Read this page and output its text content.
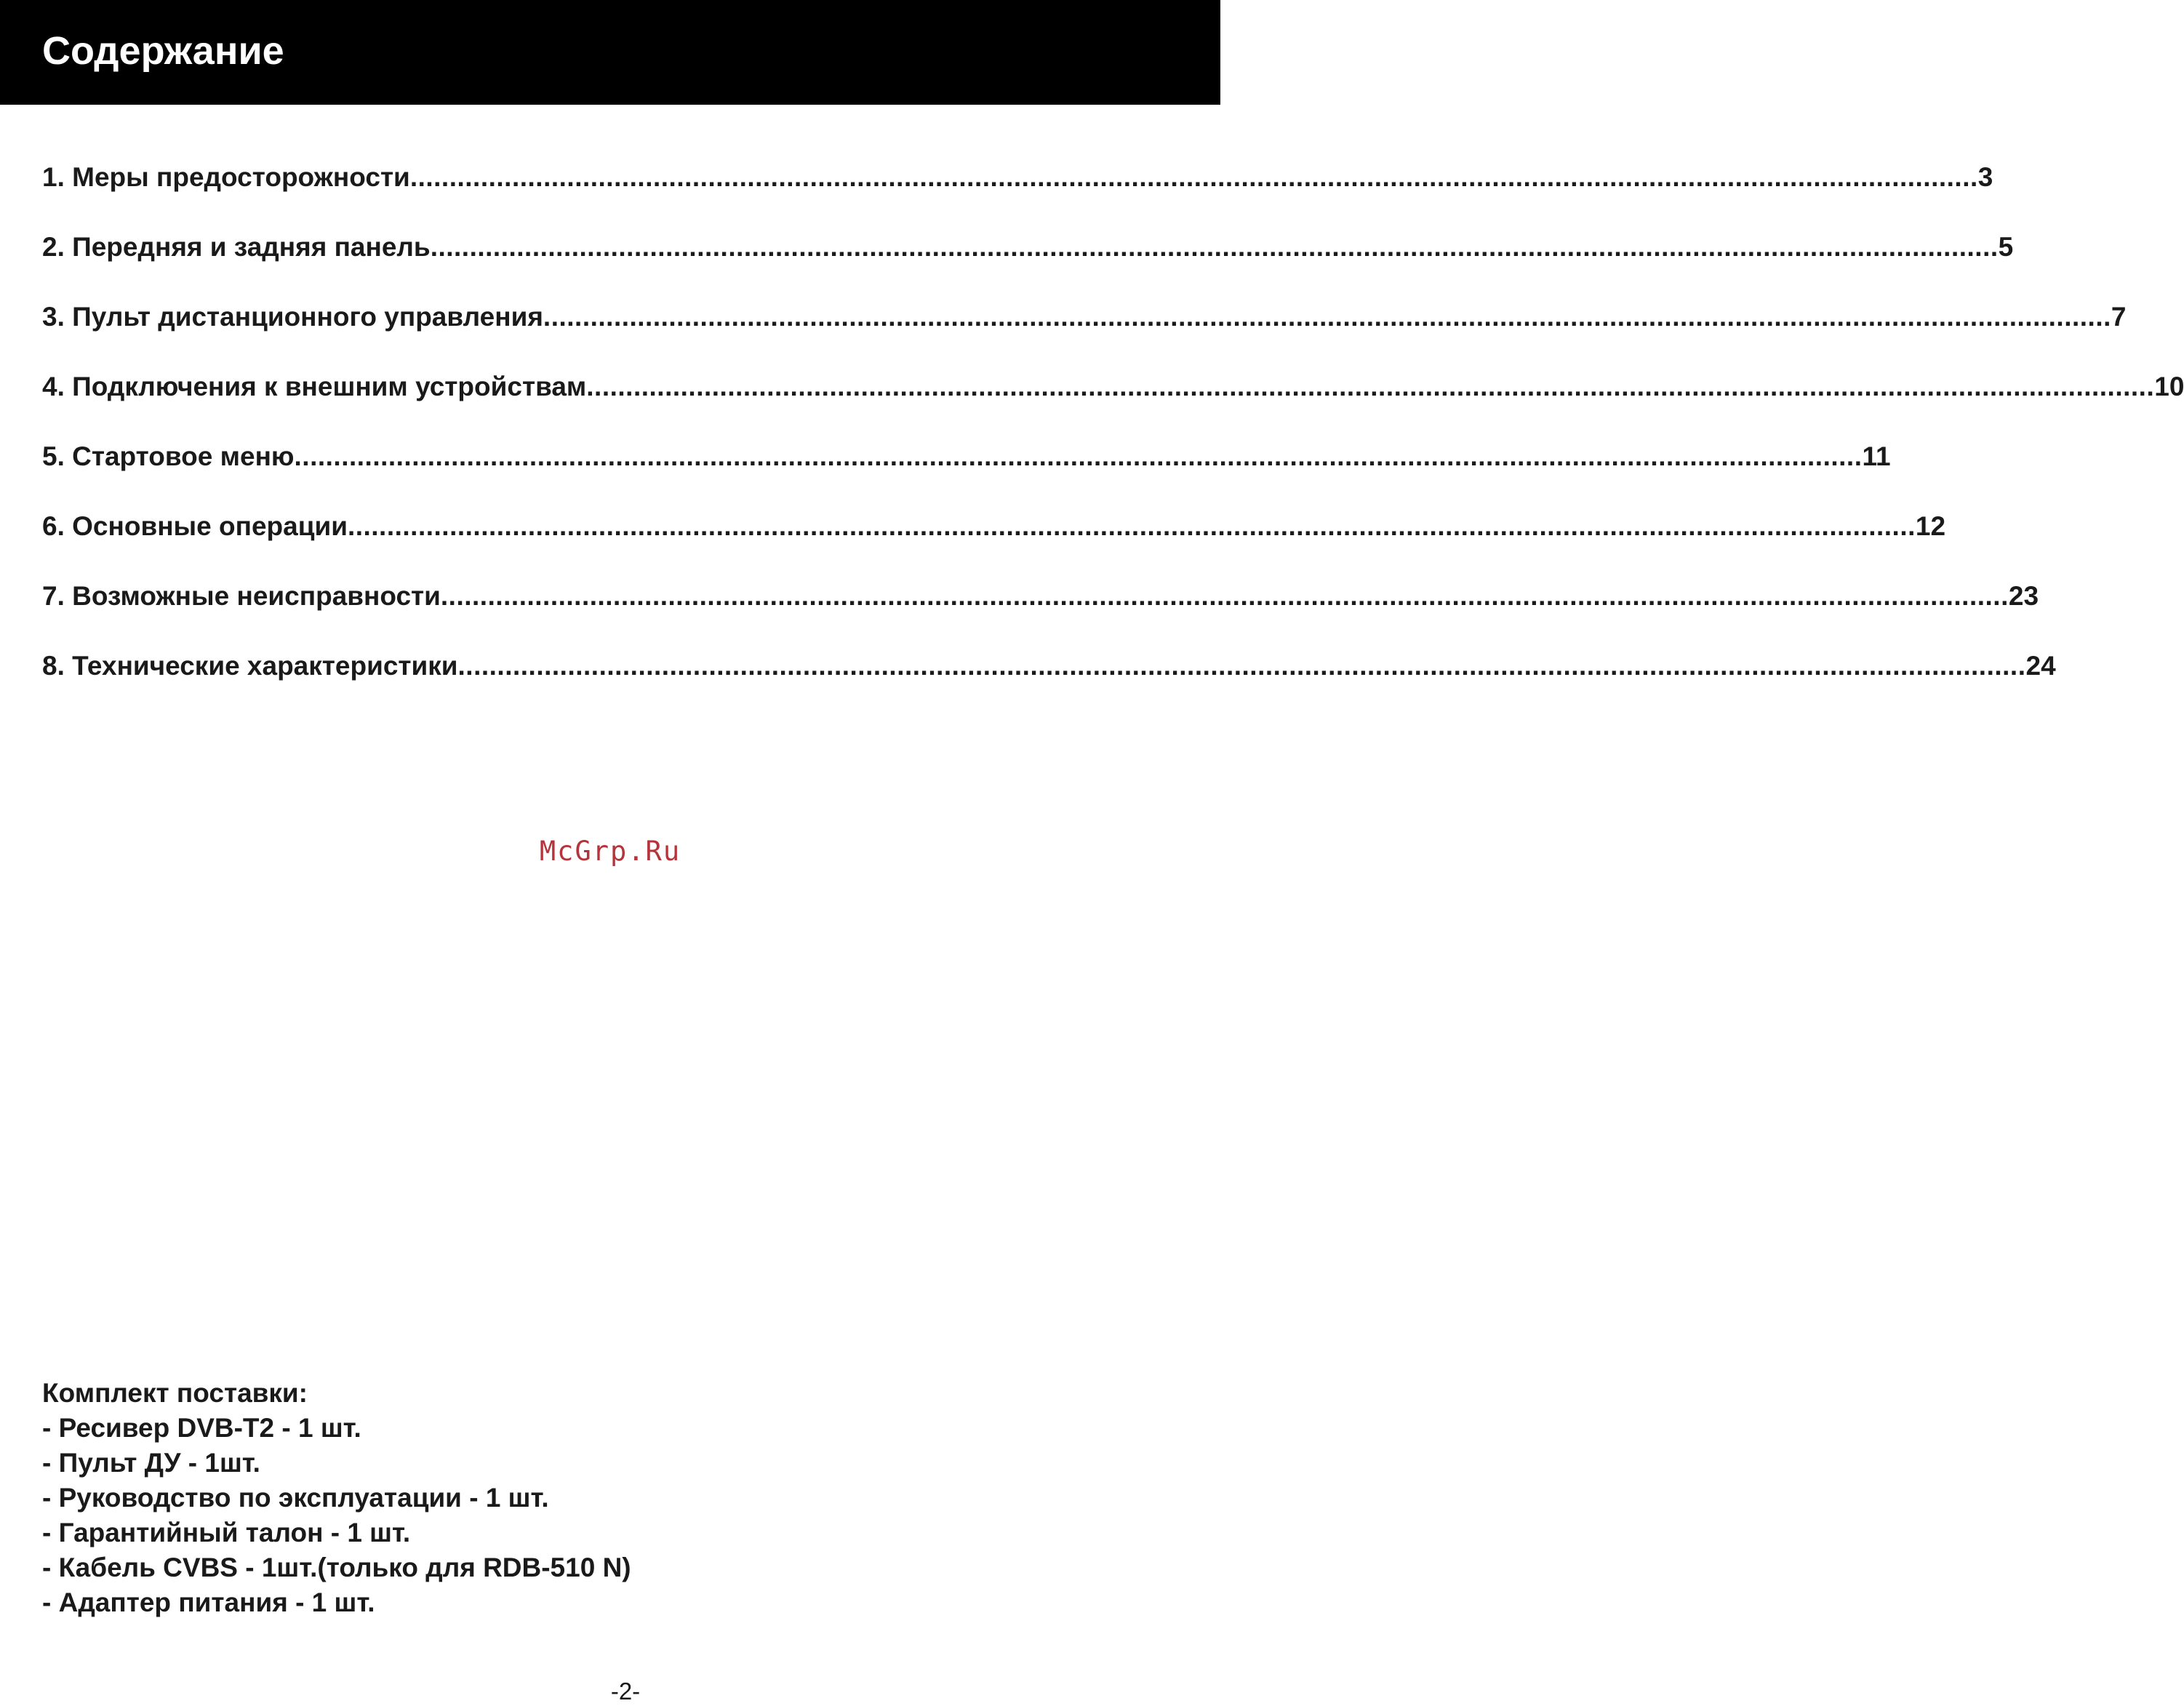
Содержание
1. Меры предосторожности ........................................................................................................................................................................................................ 3
2. Передняя и задняя панель ........................................................................................................................................................................................................ 5
3. Пульт дистанционного управления ........................................................................................................................................................................................................ 7
4. Подключения к внешним устройствам ........................................................................................................................................................................................................ 10
5. Стартовое меню ........................................................................................................................................................................................................ 11
6. Основные операции ........................................................................................................................................................................................................ 12
7. Возможные неисправности ........................................................................................................................................................................................................ 23
8. Технические характеристики ........................................................................................................................................................................................................ 24
McGrp.Ru
Комплект поставки:
- Ресивер DVB-T2 - 1 шт.
- Пульт ДУ - 1шт.
- Руководство по эксплуатации - 1 шт.
- Гарантийный талон - 1 шт.
- Кабель CVBS - 1шт.(только для RDB-510 N)
- Адаптер питания - 1 шт.
-2-
